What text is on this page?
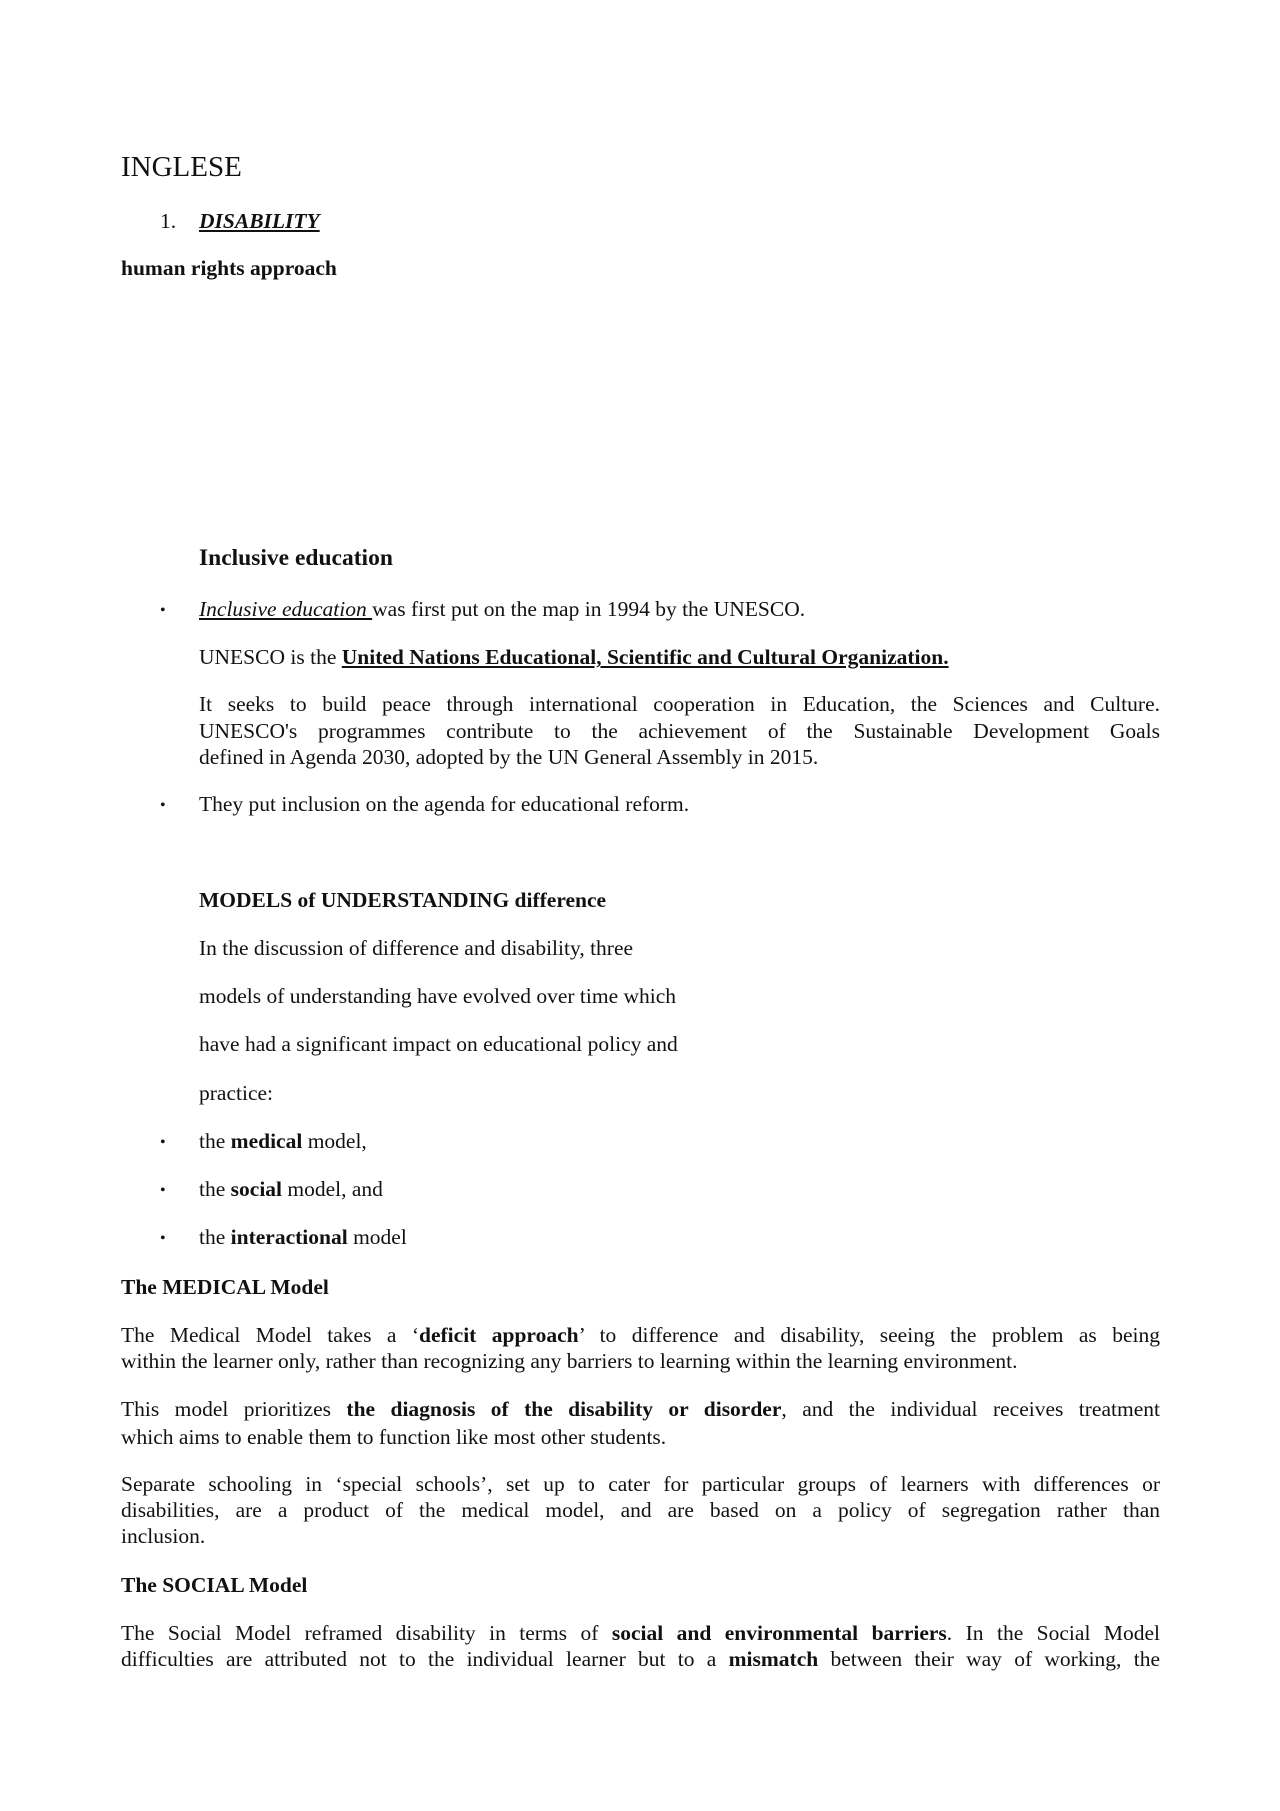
INGLESE
1. DISABILITY
human rights approach
Inclusive education
• Inclusive education was first put on the map in 1994 by the UNESCO.
UNESCO is the United Nations Educational, Scientific and Cultural Organization.
It seeks to build peace through international cooperation in Education, the Sciences and Culture.
UNESCO's programmes contribute to the achievement of the Sustainable Development Goals
defined in Agenda 2030, adopted by the UN General Assembly in 2015.
• They put inclusion on the agenda for educational reform.
MODELS of UNDERSTANDING difference
In the discussion of difference and disability, three
models of understanding have evolved over time which
have had a significant impact on educational policy and
practice:
• the medical model,
• the social model, and
• the interactional model
The MEDICAL Model
The Medical Model takes a ‘deficit approach’ to difference and disability, seeing the problem as being
within the learner only, rather than recognizing any barriers to learning within the learning environment.
This model prioritizes the diagnosis of the disability or disorder, and the individual receives treatment
which aims to enable them to function like most other students.
Separate schooling in ‘special schools’, set up to cater for particular groups of learners with differences or
disabilities, are a product of the medical model, and are based on a policy of segregation rather than
inclusion.
The SOCIAL Model
The Social Model reframed disability in terms of social and environmental barriers. In the Social Model
difficulties are attributed not to the individual learner but to a mismatch between their way of working, the
